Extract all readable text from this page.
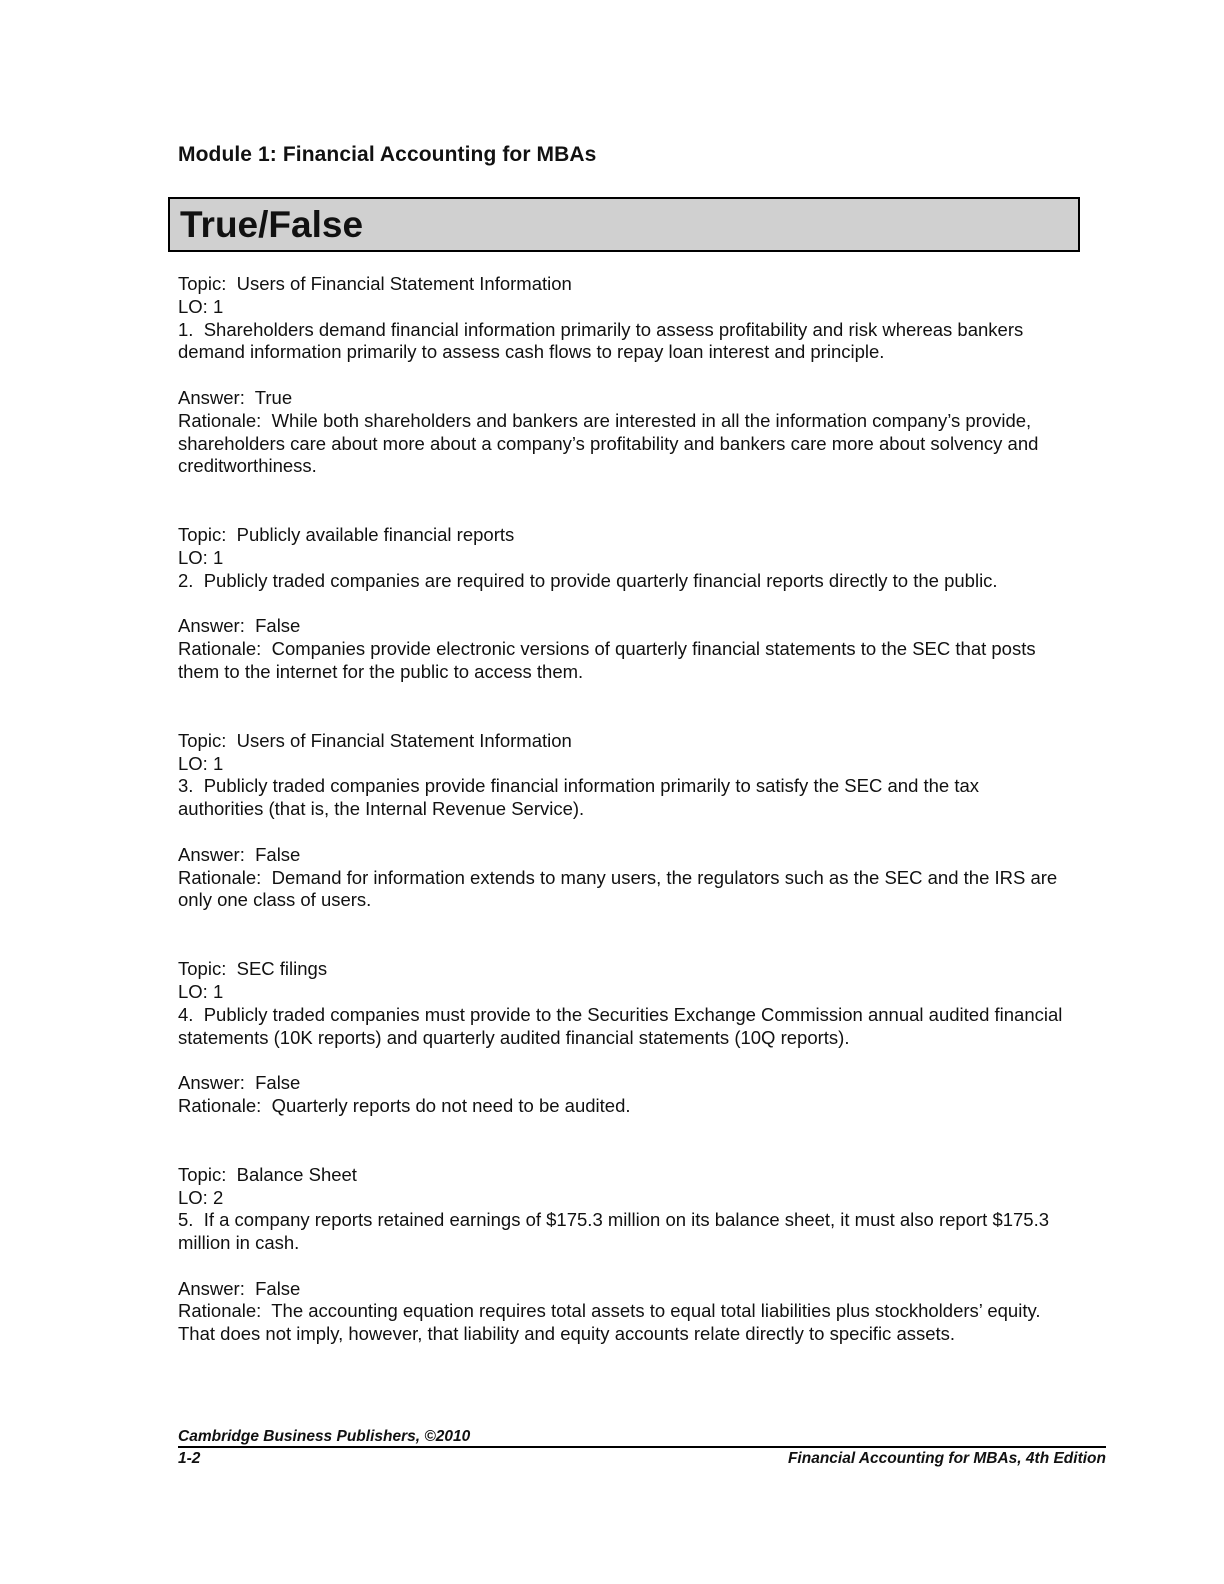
Module 1: Financial Accounting for MBAs
True/False
Topic:  Users of Financial Statement Information
LO: 1
1.  Shareholders demand financial information primarily to assess profitability and risk whereas bankers demand information primarily to assess cash flows to repay loan interest and principle.
Answer:  True
Rationale:  While both shareholders and bankers are interested in all the information company’s provide, shareholders care about more about a company’s profitability and bankers care more about solvency and creditworthiness.
Topic:  Publicly available financial reports
LO: 1
2.  Publicly traded companies are required to provide quarterly financial reports directly to the public.
Answer:  False
Rationale:  Companies provide electronic versions of quarterly financial statements to the SEC that posts them to the internet for the public to access them.
Topic:  Users of Financial Statement Information
LO: 1
3.  Publicly traded companies provide financial information primarily to satisfy the SEC and the tax authorities (that is, the Internal Revenue Service).
Answer:  False
Rationale:  Demand for information extends to many users, the regulators such as the SEC and the IRS are only one class of users.
Topic:  SEC filings
LO: 1
4.  Publicly traded companies must provide to the Securities Exchange Commission annual audited financial statements (10K reports) and quarterly audited financial statements (10Q reports).
Answer:  False
Rationale:  Quarterly reports do not need to be audited.
Topic:  Balance Sheet
LO: 2
5.  If a company reports retained earnings of $175.3 million on its balance sheet, it must also report $175.3 million in cash.
Answer:  False
Rationale:  The accounting equation requires total assets to equal total liabilities plus stockholders’ equity. That does not imply, however, that liability and equity accounts relate directly to specific assets.
Cambridge Business Publishers, ©2010
1-2	Financial Accounting for MBAs, 4th Edition
